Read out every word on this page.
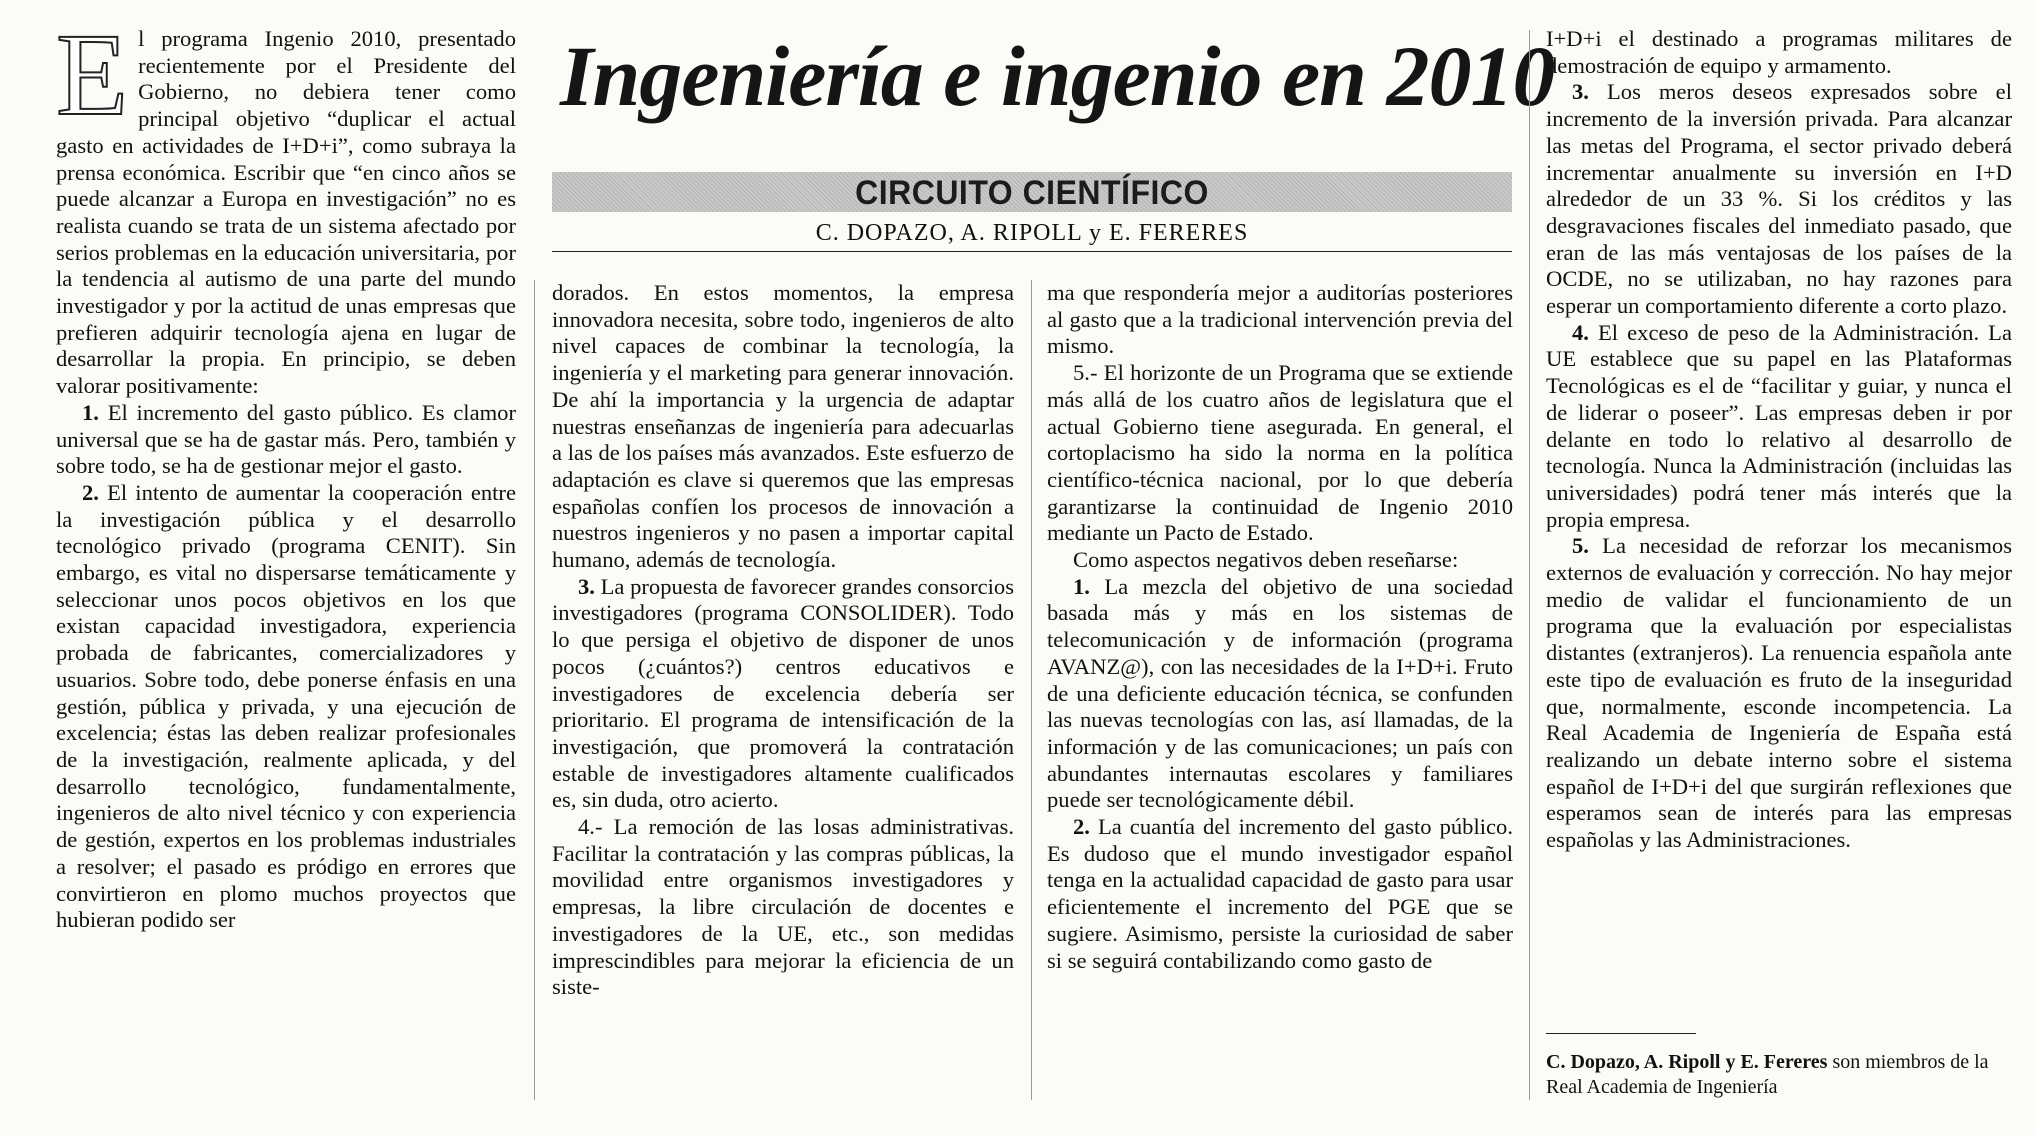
E l programa Ingenio 2010, presentado recientemente por el Presidente del Gobierno, no debiera tener como principal objetivo “duplicar el actual gasto en actividades de I+D+i”, como subraya la prensa económica. Escribir que “en cinco años se puede alcanzar a Europa en investigación” no es realista cuando se trata de un sistema afectado por serios problemas en la educación universitaria, por la tendencia al autismo de una parte del mundo investigador y por la actitud de unas empresas que prefieren adquirir tecnología ajena en lugar de desarrollar la propia. En principio, se deben valorar positivamente:

1. El incremento del gasto público. Es clamor universal que se ha de gastar más. Pero, también y sobre todo, se ha de gestionar mejor el gasto.

2. El intento de aumentar la cooperación entre la investigación pública y el desarrollo tecnológico privado (programa CENIT). Sin embargo, es vital no dispersarse temáticamente y seleccionar unos pocos objetivos en los que existan capacidad investigadora, experiencia probada de fabricantes, comercializadores y usuarios. Sobre todo, debe ponerse énfasis en una gestión, pública y privada, y una ejecución de excelencia; éstas las deben realizar profesionales de la investigación, realmente aplicada, y del desarrollo tecnológico, fundamentalmente, ingenieros de alto nivel técnico y con experiencia de gestión, expertos en los problemas industriales a resolver; el pasado es pródigo en errores que convirtieron en plomo muchos proyectos que hubieran podido ser

Ingeniería e ingenio en 2010
CIRCUITO CIENTÍFICO
C. DOPAZO, A. RIPOLL y E. FERERES

dorados. En estos momentos, la empresa innovadora necesita, sobre todo, ingenieros de alto nivel capaces de combinar la tecnología, la ingeniería y el marketing para generar innovación. De ahí la importancia y la urgencia de adaptar nuestras enseñanzas de ingeniería para adecuarlas a las de los países más avanzados. Este esfuerzo de adaptación es clave si queremos que las empresas españolas confíen los procesos de innovación a nuestros ingenieros y no pasen a importar capital humano, además de tecnología.

3. La propuesta de favorecer grandes consorcios investigadores (programa CONSOLIDER). Todo lo que persiga el objetivo de disponer de unos pocos (¿cuántos?) centros educativos e investigadores de excelencia debería ser prioritario. El programa de intensificación de la investigación, que promoverá la contratación estable de investigadores altamente cualificados es, sin duda, otro acierto.

4.- La remoción de las losas administrativas. Facilitar la contratación y las compras públicas, la movilidad entre organismos investigadores y empresas, la libre circulación de docentes e investigadores de la UE, etc., son medidas imprescindibles para mejorar la eficiencia de un siste-

ma que respondería mejor a auditorías posteriores al gasto que a la tradicional intervención previa del mismo.

5.- El horizonte de un Programa que se extiende más allá de los cuatro años de legislatura que el actual Gobierno tiene asegurada. En general, el cortoplacismo ha sido la norma en la política científico-técnica nacional, por lo que debería garantizarse la continuidad de Ingenio 2010 mediante un Pacto de Estado.

Como aspectos negativos deben reseñarse:

1. La mezcla del objetivo de una sociedad basada más y más en los sistemas de telecomunicación y de información (programa AVANZ@), con las necesidades de la I+D+i. Fruto de una deficiente educación técnica, se confunden las nuevas tecnologías con las, así llamadas, de la información y de las comunicaciones; un país con abundantes internautas escolares y familiares puede ser tecnológicamente débil.

2. La cuantía del incremento del gasto público. Es dudoso que el mundo investigador español tenga en la actualidad capacidad de gasto para usar eficientemente el incremento del PGE que se sugiere. Asimismo, persiste la curiosidad de saber si se seguirá contabilizando como gasto de

I+D+i el destinado a programas militares de demostración de equipo y armamento.

3. Los meros deseos expresados sobre el incremento de la inversión privada. Para alcanzar las metas del Programa, el sector privado deberá incrementar anualmente su inversión en I+D alrededor de un 33 %. Si los créditos y las desgravaciones fiscales del inmediato pasado, que eran de las más ventajosas de los países de la OCDE, no se utilizaban, no hay razones para esperar un comportamiento diferente a corto plazo.

4. El exceso de peso de la Administración. La UE establece que su papel en las Plataformas Tecnológicas es el de “facilitar y guiar, y nunca el de liderar o poseer”. Las empresas deben ir por delante en todo lo relativo al desarrollo de tecnología. Nunca la Administración (incluidas las universidades) podrá tener más interés que la propia empresa.

5. La necesidad de reforzar los mecanismos externos de evaluación y corrección. No hay mejor medio de validar el funcionamiento de un programa que la evaluación por especialistas distantes (extranjeros). La renuencia española ante este tipo de evaluación es fruto de la inseguridad que, normalmente, esconde incompetencia. La Real Academia de Ingeniería de España está realizando un debate interno sobre el sistema español de I+D+i del que surgirán reflexiones que esperamos sean de interés para las empresas españolas y las Administraciones.

C. Dopazo, A. Ripoll y E. Fereres son miembros de la Real Academia de Ingeniería
